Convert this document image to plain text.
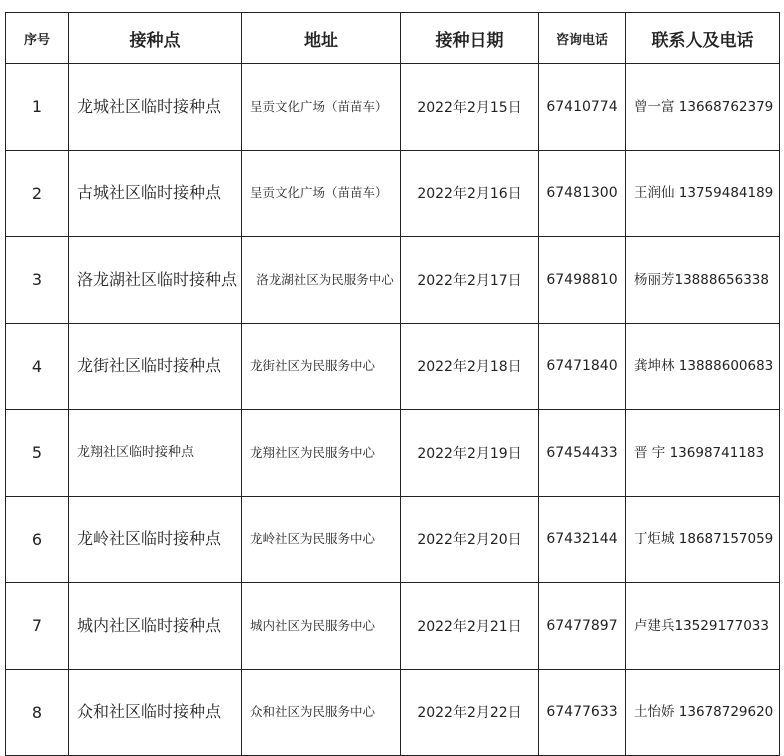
序号	接种点	地址	接种日期	咨询电话	联系人及电话
1	龙城社区临时接种点	呈贡文化广场（苗苗车）	2022年2月15日	67410774	曾一富 13668762379
2	古城社区临时接种点	呈贡文化广场（苗苗车）	2022年2月16日	67481300	王润仙 13759484189
3	洛龙湖社区临时接种点	洛龙湖社区为民服务中心	2022年2月17日	67498810	杨丽芳13888656338
4	龙街社区临时接种点	龙街社区为民服务中心	2022年2月18日	67471840	龚坤林 13888600683
5	龙翔社区临时接种点	龙翔社区为民服务中心	2022年2月19日	67454433	晋 宇 13698741183
6	龙岭社区临时接种点	龙岭社区为民服务中心	2022年2月20日	67432144	丁炬城 18687157059
7	城内社区临时接种点	城内社区为民服务中心	2022年2月21日	67477897	卢建兵13529177033
8	众和社区临时接种点	众和社区为民服务中心	2022年2月22日	67477633	土怡娇 13678729620
